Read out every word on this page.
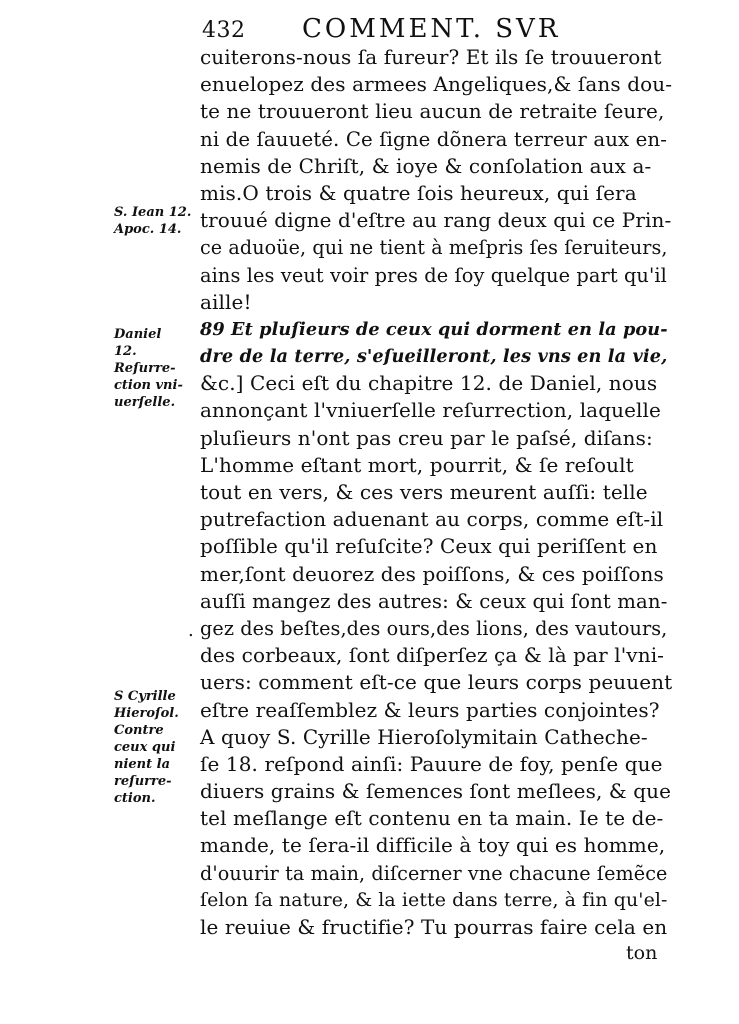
432 COMMENT. SVR
cuiterons-nous ſa fureur? Et ils ſe trouueront
enuelopez des armees Angeliques,& ſans dou-
te ne trouueront lieu aucun de retraite ſeure,
ni de ſauueté. Ce ſigne dõnera terreur aux en-
nemis de Chriſt, & ioye & conſolation aux a-
mis.O trois & quatre ſois heureux, qui ſera
trouué digne d'eſtre au rang deux qui ce Prin-
ce aduoüe, qui ne tient à meſpris ſes ſeruiteurs,
ains les veut voir pres de ſoy quelque part qu'il
aille!
89 Et pluſieurs de ceux qui dorment en la pou-
dre de la terre, s'eſueilleront, les vns en la vie,
&c.] Ceci eſt du chapitre 12. de Daniel, nous
annonçant l'vniuerſelle reſurrection, laquelle
pluſieurs n'ont pas creu par le paſsé, diſans:
L'homme eſtant mort, pourrit, & ſe reſoult
tout en vers, & ces vers meurent auſſi: telle
putrefaction aduenant au corps, comme eſt-il
poſſible qu'il reſuſcite? Ceux qui periſſent en
mer,ſont deuorez des poiſſons, & ces poiſſons
auſſi mangez des autres: & ceux qui ſont man-
gez des beſtes,des ours,des lions, des vautours,
des corbeaux, ſont diſperſez ça & là par l'vni-
uers: comment eſt-ce que leurs corps peuuent
eſtre reaſſemblez & leurs parties conjointes?
A quoy S. Cyrille Hieroſolymitain Catheche-
ſe 18. reſpond ainſi: Pauure de foy, penſe que
diuers grains & ſemences ſont meſlees, & que
tel meſlange eſt contenu en ta main. Ie te de-
mande, te ſera-il difficile à toy qui es homme,
d'ouurir ta main, diſcerner vne chacune ſemẽce
ſelon ſa nature, & la iette dans terre, à fin qu'el-
le reuiue & fructifie? Tu pourras faire cela en
ton
S. Iean 12.
Apoc. 14.
Daniel
12.
Reſurre-
ction vni-
uerſelle.
S Cyrille
Hieroſol.
Contre
ceux qui
nient la
reſurre-
ction.
.
